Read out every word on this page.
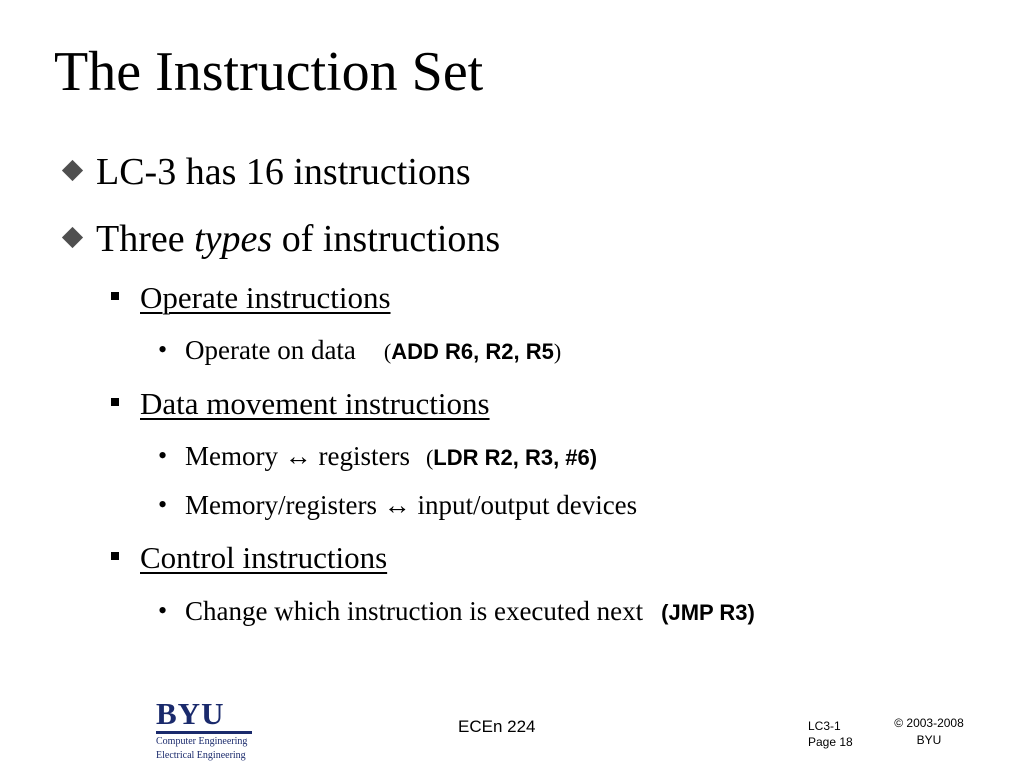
The Instruction Set
LC-3 has 16 instructions
Three types of instructions
Operate instructions
• Operate on data (ADD R6, R2, R5)
Data movement instructions
• Memory ↔ registers (LDR R2, R3, #6)
• Memory/registers ↔ input/output devices
Control instructions
• Change which instruction is executed next (JMP R3)
BYU
Computer Engineering
Electrical Engineering
ECEn 224	LC3-1
Page 18
© 2003-2008
BYU
